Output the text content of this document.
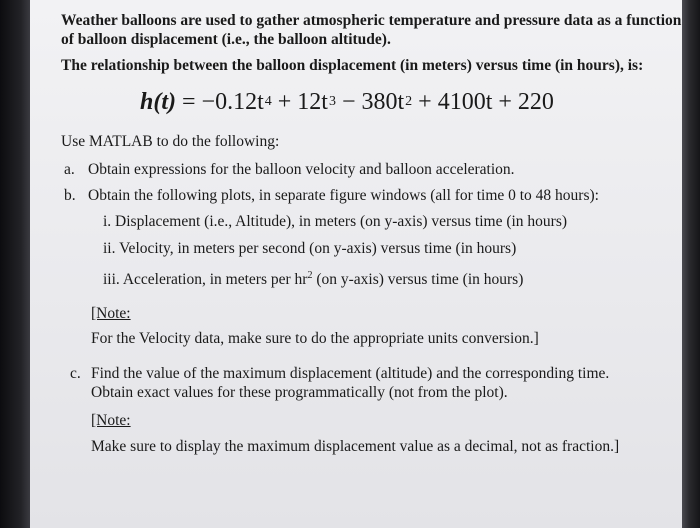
Weather balloons are used to gather atmospheric temperature and pressure data as a function
of balloon displacement (i.e., the balloon altitude).
The relationship between the balloon displacement (in meters) versus time (in hours), is:
$h(t) = -0.12t^4 + 12t^3 - 380t^2 + 4100t + 220$
Use MATLAB to do the following:
a. Obtain expressions for the balloon velocity and balloon acceleration.
b. Obtain the following plots, in separate figure windows (all for time 0 to 48 hours):
i. Displacement (i.e., Altitude), in meters (on y-axis) versus time (in hours)
ii. Velocity, in meters per second (on y-axis) versus time (in hours)
iii. Acceleration, in meters per $hr^2$ (on y-axis) versus time (in hours)
[Note:
For the Velocity data, make sure to do the appropriate units conversion.]
c. Find the value of the maximum displacement (altitude) and the corresponding time.
Obtain exact values for these programmatically (not from the plot).
[Note:
Make sure to display the maximum displacement value as a decimal, not as fraction.]
